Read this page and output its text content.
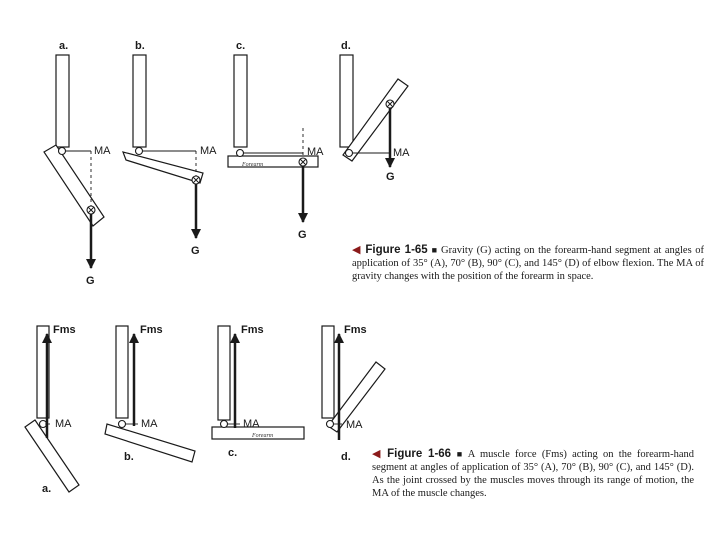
a.
MA
G
b.
MA
G
c.
MA
Forearm
G
d.
MA
G
Fms
MA
a.
Fms
MA
b.
Fms
MA
Forearm
c.
Fms
MA
d.
◀ Figure 1-65 ■ Gravity (G) acting on the forearm-hand segment at angles of application of 35° (A), 70° (B), 90° (C), and 145° (D) of elbow flexion. The MA of gravity changes with the position of the forearm in space.
◀ Figure 1-66 ■ A muscle force (Fms) acting on the forearm-hand segment at angles of application of 35° (A), 70° (B), 90° (C), and 145° (D). As the joint crossed by the muscles moves through its range of motion, the MA of the muscle changes.
